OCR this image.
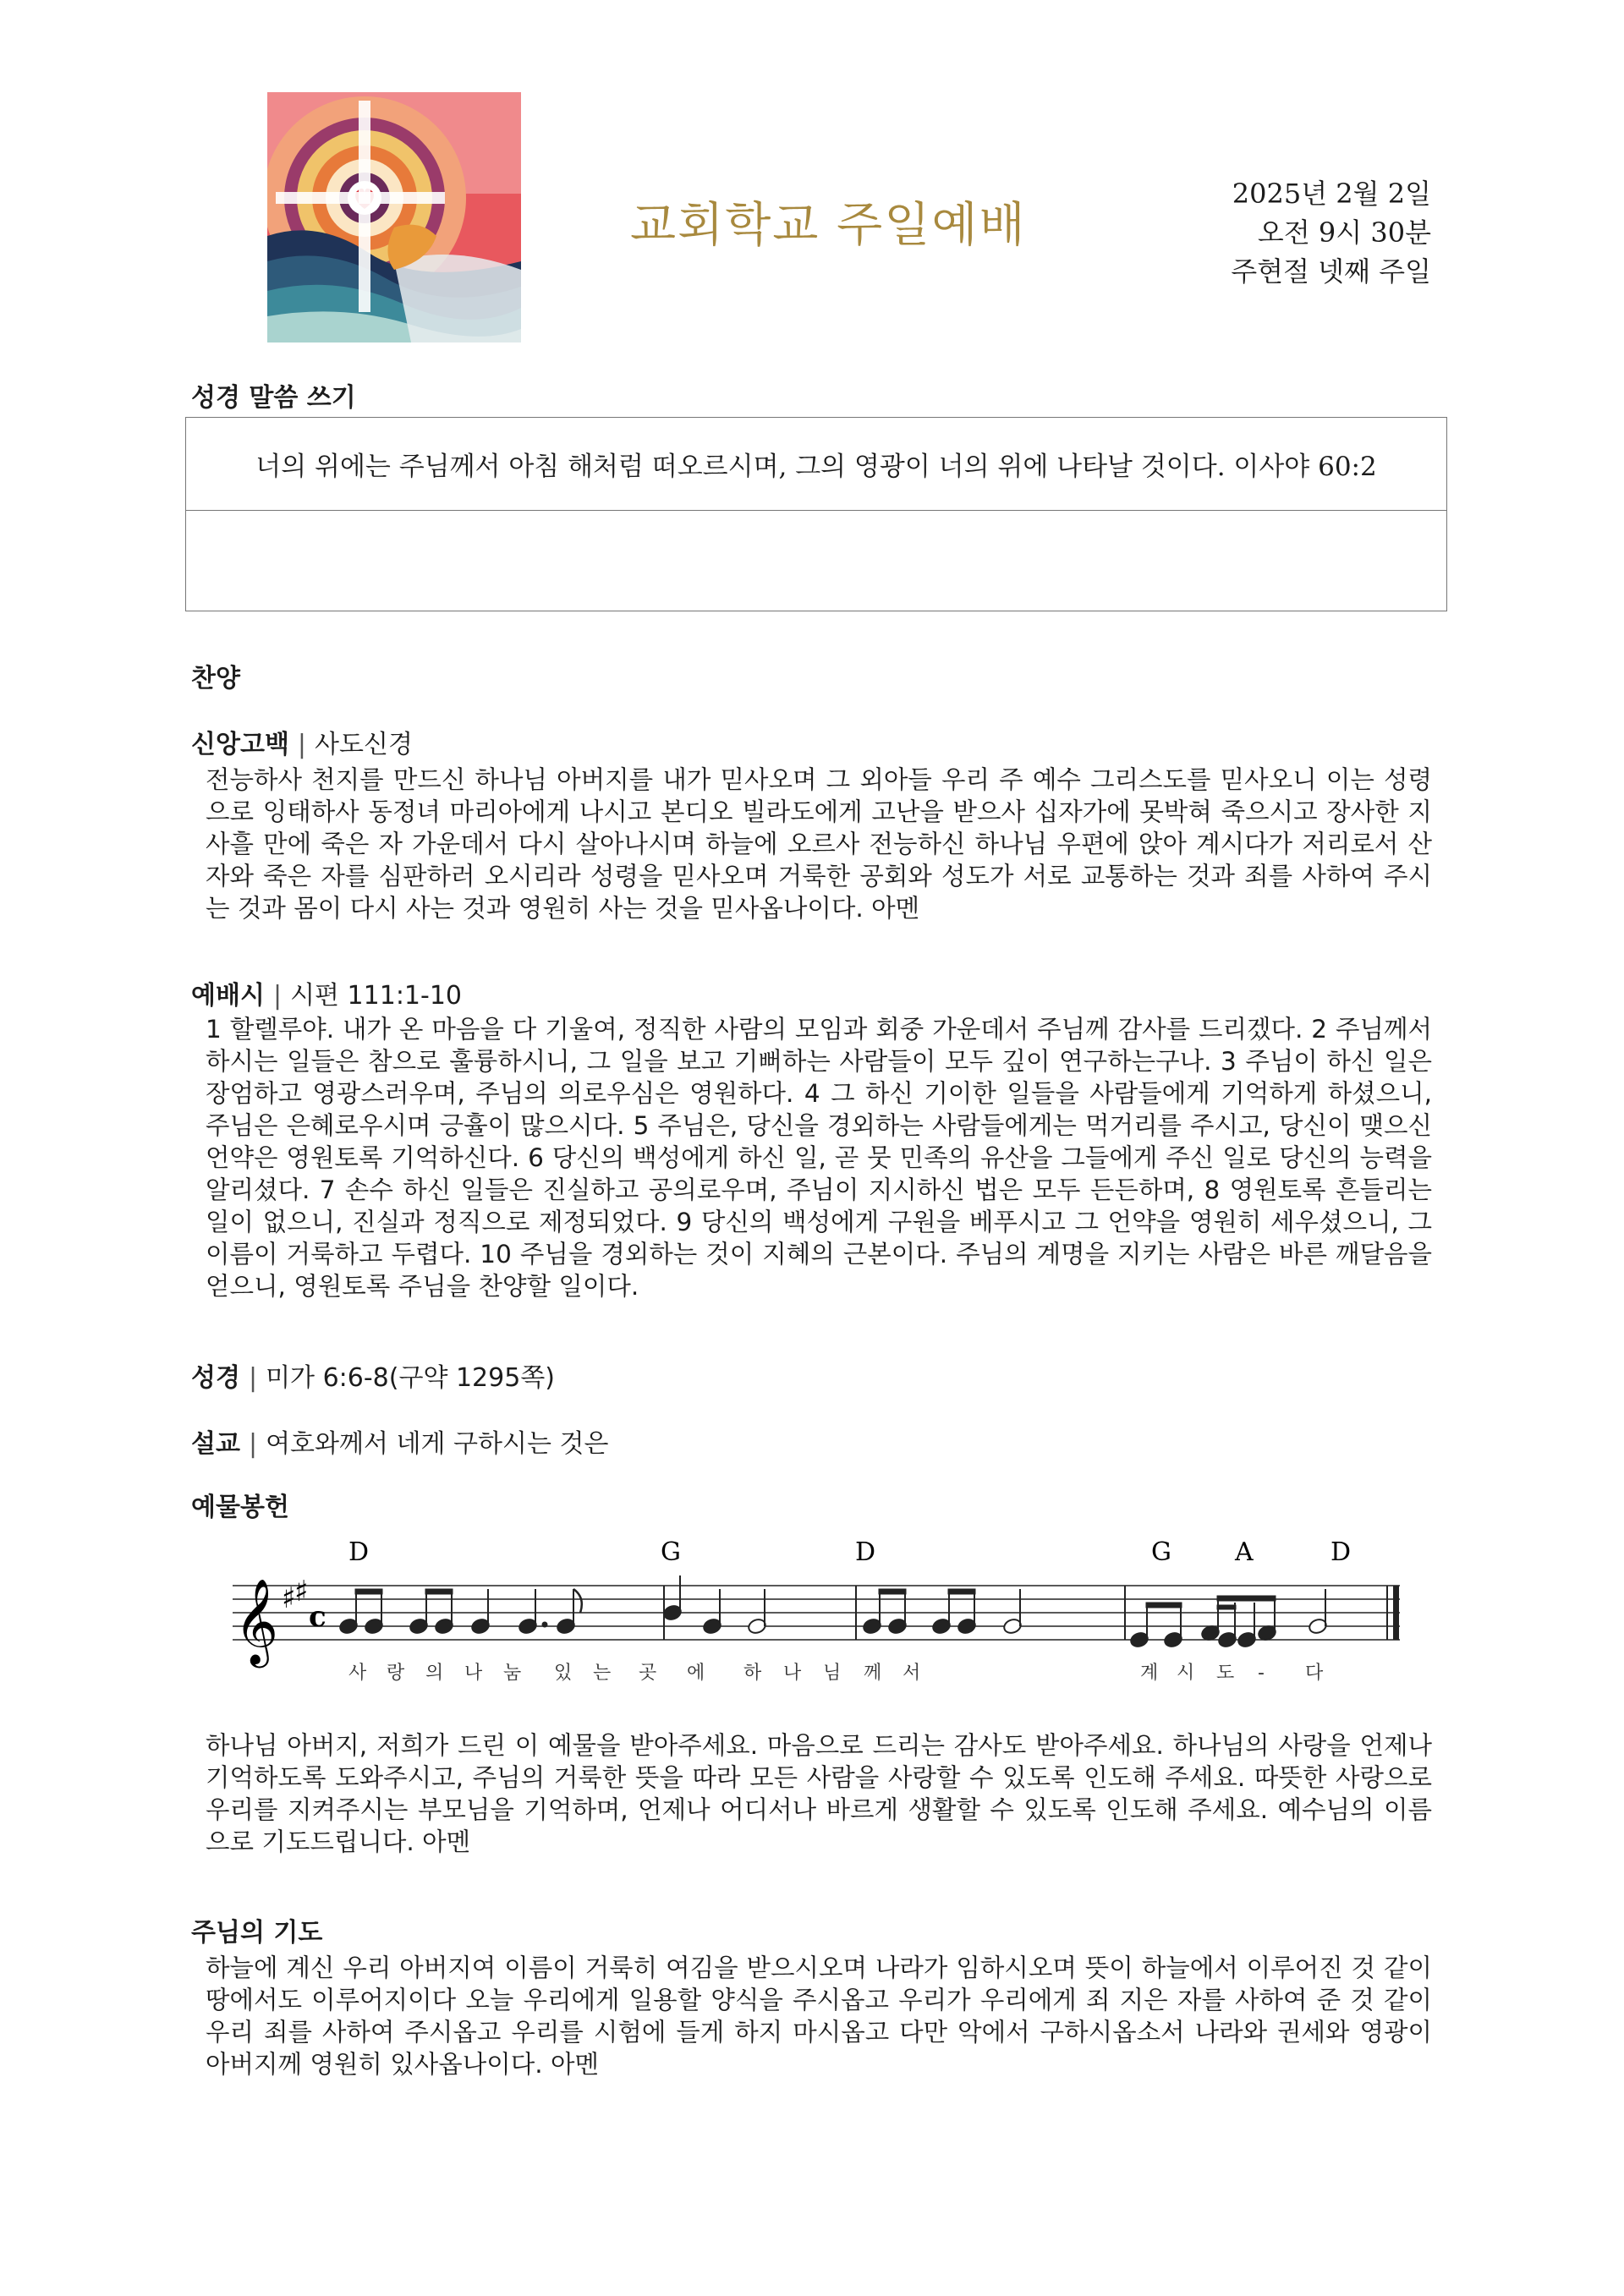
교회학교 주일예배
2025년 2월 2일
오전 9시 30분
주현절 넷째 주일
성경 말씀 쓰기
너의 위에는 주님께서 아침 해처럼 떠오르시며, 그의 영광이 너의 위에 나타날 것이다. 이사야 60:2
찬양
신앙고백 | 사도신경

전능하사 천지를 만드신 하나님 아버지를 내가 믿사오며 그 외아들 우리 주 예수 그리스도를 믿사오니 이는 성령으로 잉태하사 동정녀 마리아에게 나시고 본디오 빌라도에게 고난을 받으사 십자가에 못박혀 죽으시고 장사한 지 사흘 만에 죽은 자 가운데서 다시 살아나시며 하늘에 오르사 전능하신 하나님 우편에 앉아 계시다가 저리로서 산 자와 죽은 자를 심판하러 오시리라 성령을 믿사오며 거룩한 공회와 성도가 서로 교통하는 것과 죄를 사하여 주시는 것과 몸이 다시 사는 것과 영원히 사는 것을 믿사옵나이다. 아멘

예배시 | 시편 111:1-10

1 할렐루야. 내가 온 마음을 다 기울여, 정직한 사람의 모임과 회중 가운데서 주님께 감사를 드리겠다. 2 주님께서 하시는 일들은 참으로 훌륭하시니, 그 일을 보고 기뻐하는 사람들이 모두 깊이 연구하는구나. 3 주님이 하신 일은 장엄하고 영광스러우며, 주님의 의로우심은 영원하다. 4 그 하신 기이한 일들을 사람들에게 기억하게 하셨으니, 주님은 은혜로우시며 긍휼이 많으시다. 5 주님은, 당신을 경외하는 사람들에게는 먹거리를 주시고, 당신이 맺으신 언약은 영원토록 기억하신다. 6 당신의 백성에게 하신 일, 곧 뭇 민족의 유산을 그들에게 주신 일로 당신의 능력을 알리셨다. 7 손수 하신 일들은 진실하고 공의로우며, 주님이 지시하신 법은 모두 든든하며, 8 영원토록 흔들리는 일이 없으니, 진실과 정직으로 제정되었다. 9 당신의 백성에게 구원을 베푸시고 그 언약을 영원히 세우셨으니, 그 이름이 거룩하고 두렵다. 10 주님을 경외하는 것이 지혜의 근본이다. 주님의 계명을 지키는 사람은 바른 깨달음을 얻으니, 영원토록 주님을 찬양할 일이다.

성경 | 미가 6:6-8(구약 1295쪽)
설교 | 여호와께서 네게 구하시는 것은
예물봉헌
𝄞 ♯
♯
c
D	G	D	G	A	D
사 랑 의 나 눔 있 는 곳 에 하 나 님 께 서	계 시 도 - 다

하나님 아버지, 저희가 드린 이 예물을 받아주세요. 마음으로 드리는 감사도 받아주세요. 하나님의 사랑을 언제나 기억하도록 도와주시고, 주님의 거룩한 뜻을 따라 모든 사람을 사랑할 수 있도록 인도해 주세요. 따뜻한 사랑으로 우리를 지켜주시는 부모님을 기억하며, 언제나 어디서나 바르게 생활할 수 있도록 인도해 주세요. 예수님의 이름으로 기도드립니다. 아멘

주님의 기도

하늘에 계신 우리 아버지여 이름이 거룩히 여김을 받으시오며 나라가 임하시오며 뜻이 하늘에서 이루어진 것 같이 땅에서도 이루어지이다 오늘 우리에게 일용할 양식을 주시옵고 우리가 우리에게 죄 지은 자를 사하여 준 것 같이 우리 죄를 사하여 주시옵고 우리를 시험에 들게 하지 마시옵고 다만 악에서 구하시옵소서 나라와 권세와 영광이 아버지께 영원히 있사옵나이다. 아멘
